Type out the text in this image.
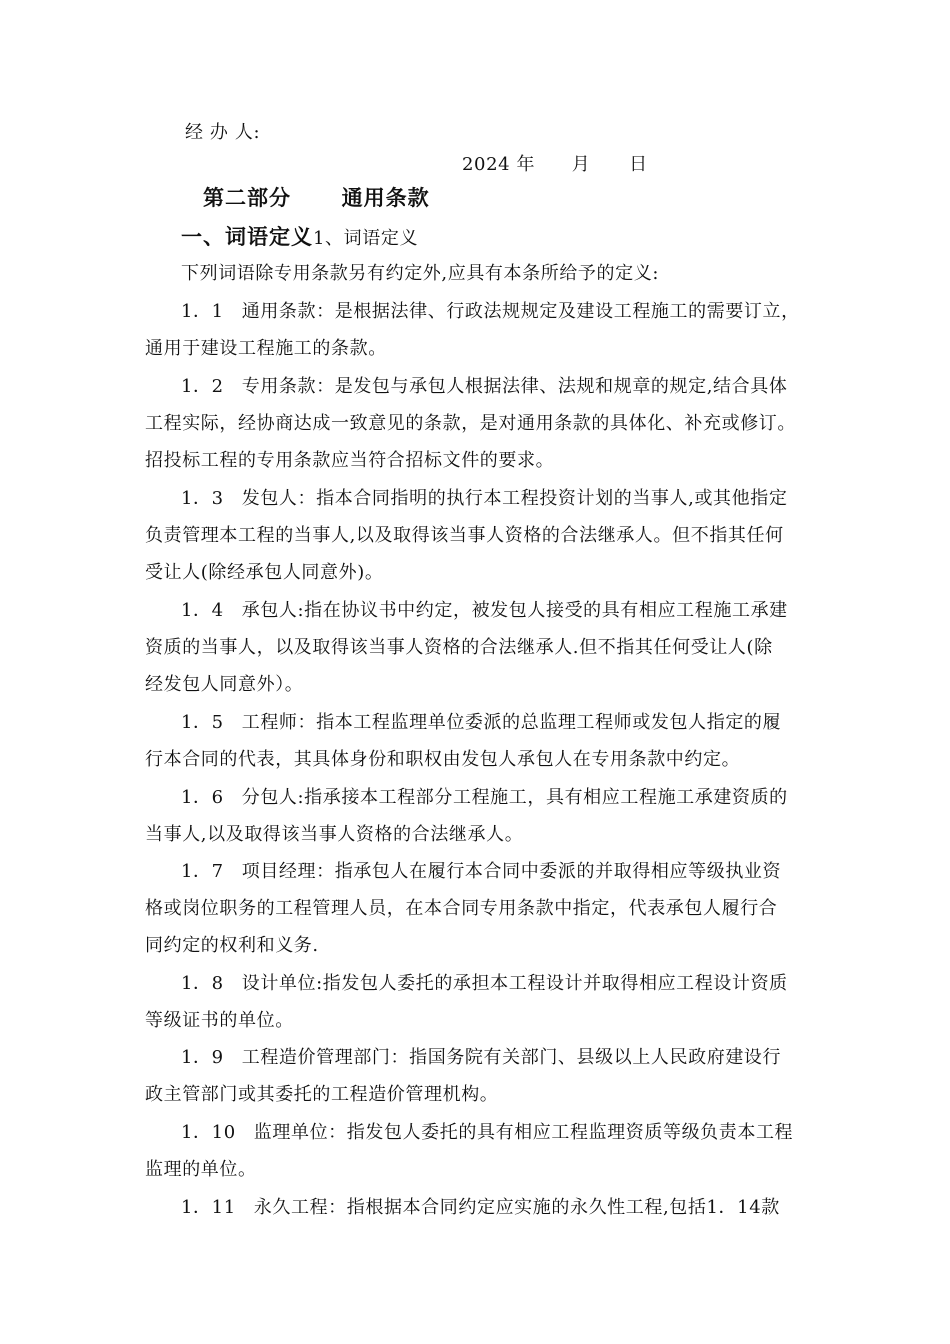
经 办 人:
2024 年 月 日
第二部分 通用条款
一、词语定义1、词语定义
下列词语除专用条款另有约定外,应具有本条所给予的定义:
1．1 通用条款：是根据法律、行政法规规定及建设工程施工的需要订立，
通用于建设工程施工的条款。
1．2 专用条款：是发包与承包人根据法律、法规和规章的规定,结合具体
工程实际，经协商达成一致意见的条款，是对通用条款的具体化、补充或修订。
招投标工程的专用条款应当符合招标文件的要求。
1．3 发包人：指本合同指明的执行本工程投资计划的当事人,或其他指定
负责管理本工程的当事人,以及取得该当事人资格的合法继承人。但不指其任何
受让人(除经承包人同意外)。
1．4 承包人:指在协议书中约定，被发包人接受的具有相应工程施工承建
资质的当事人，以及取得该当事人资格的合法继承人.但不指其任何受让人(除
经发包人同意外）。
1．5 工程师：指本工程监理单位委派的总监理工程师或发包人指定的履
行本合同的代表，其具体身份和职权由发包人承包人在专用条款中约定。
1．6 分包人:指承接本工程部分工程施工，具有相应工程施工承建资质的
当事人,以及取得该当事人资格的合法继承人。
1．7 项目经理：指承包人在履行本合同中委派的并取得相应等级执业资
格或岗位职务的工程管理人员，在本合同专用条款中指定，代表承包人履行合
同约定的权利和义务.
1．8 设计单位:指发包人委托的承担本工程设计并取得相应工程设计资质
等级证书的单位。
1．9 工程造价管理部门：指国务院有关部门、县级以上人民政府建设行
政主管部门或其委托的工程造价管理机构。
1．10 监理单位：指发包人委托的具有相应工程监理资质等级负责本工程
监理的单位。
1．11 永久工程：指根据本合同约定应实施的永久性工程,包括1．14款
